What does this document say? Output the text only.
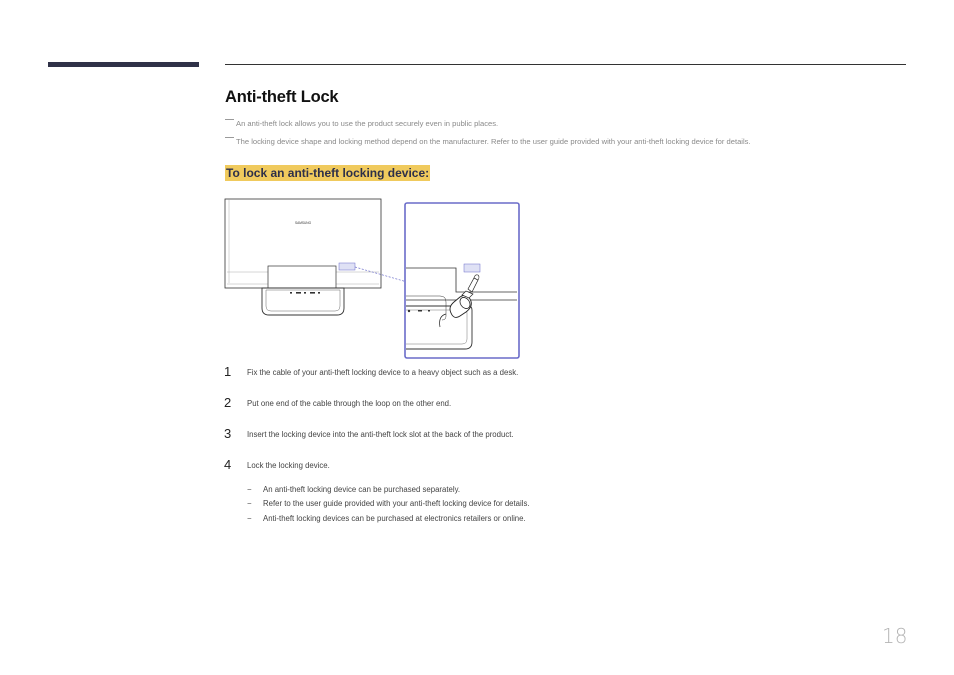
Anti-theft Lock
An anti-theft lock allows you to use the product securely even in public places.
The locking device shape and locking method depend on the manufacturer. Refer to the user guide provided with your anti-theft locking device for details.
To lock an anti-theft locking device:
SAMSUNG
1 Fix the cable of your anti-theft locking device to a heavy object such as a desk.
2 Put one end of the cable through the loop on the other end.
3 Insert the locking device into the anti-theft lock slot at the back of the product.
4 Lock the locking device.
− An anti-theft locking device can be purchased separately.
− Refer to the user guide provided with your anti-theft locking device for details.
− Anti-theft locking devices can be purchased at electronics retailers or online.
18
